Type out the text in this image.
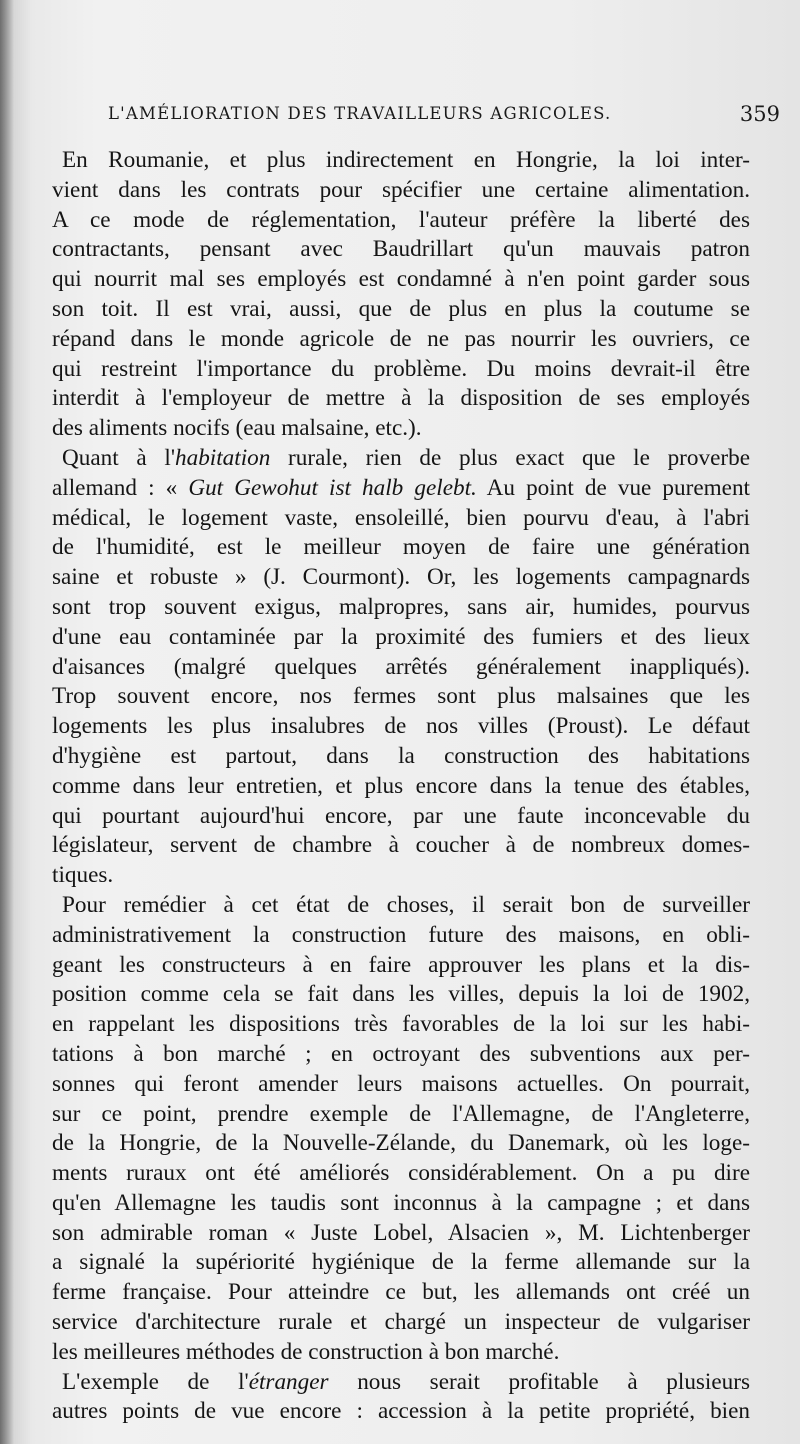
L'AMÉLIORATION DES TRAVAILLEURS AGRICOLES.	359
En Roumanie, et plus indirectement en Hongrie, la loi inter-
vient dans les contrats pour spécifier une certaine alimentation.
A ce mode de réglementation, l'auteur préfère la liberté des
contractants, pensant avec Baudrillart qu'un mauvais patron
qui nourrit mal ses employés est condamné à n'en point garder sous
son toit. Il est vrai, aussi, que de plus en plus la coutume se
répand dans le monde agricole de ne pas nourrir les ouvriers, ce
qui restreint l'importance du problème. Du moins devrait-il être
interdit à l'employeur de mettre à la disposition de ses employés
des aliments nocifs (eau malsaine, etc.).
Quant à l'habitation rurale, rien de plus exact que le proverbe
allemand : « Gut Gewohut ist halb gelebt. Au point de vue purement
médical, le logement vaste, ensoleillé, bien pourvu d'eau, à l'abri
de l'humidité, est le meilleur moyen de faire une génération
saine et robuste » (J. Courmont). Or, les logements campagnards
sont trop souvent exigus, malpropres, sans air, humides, pourvus
d'une eau contaminée par la proximité des fumiers et des lieux
d'aisances (malgré quelques arrêtés généralement inappliqués).
Trop souvent encore, nos fermes sont plus malsaines que les
logements les plus insalubres de nos villes (Proust). Le défaut
d'hygiène est partout, dans la construction des habitations
comme dans leur entretien, et plus encore dans la tenue des étables,
qui pourtant aujourd'hui encore, par une faute inconcevable du
législateur, servent de chambre à coucher à de nombreux domes-
tiques.
Pour remédier à cet état de choses, il serait bon de surveiller
administrativement la construction future des maisons, en obli-
geant les constructeurs à en faire approuver les plans et la dis-
position comme cela se fait dans les villes, depuis la loi de 1902,
en rappelant les dispositions très favorables de la loi sur les habi-
tations à bon marché ; en octroyant des subventions aux per-
sonnes qui feront amender leurs maisons actuelles. On pourrait,
sur ce point, prendre exemple de l'Allemagne, de l'Angleterre,
de la Hongrie, de la Nouvelle-Zélande, du Danemark, où les loge-
ments ruraux ont été améliorés considérablement. On a pu dire
qu'en Allemagne les taudis sont inconnus à la campagne ; et dans
son admirable roman « Juste Lobel, Alsacien », M. Lichtenberger
a signalé la supériorité hygiénique de la ferme allemande sur la
ferme française. Pour atteindre ce but, les allemands ont créé un
service d'architecture rurale et chargé un inspecteur de vulgariser
les meilleures méthodes de construction à bon marché.
L'exemple de l'étranger nous serait profitable à plusieurs
autres points de vue encore : accession à la petite propriété, bien
